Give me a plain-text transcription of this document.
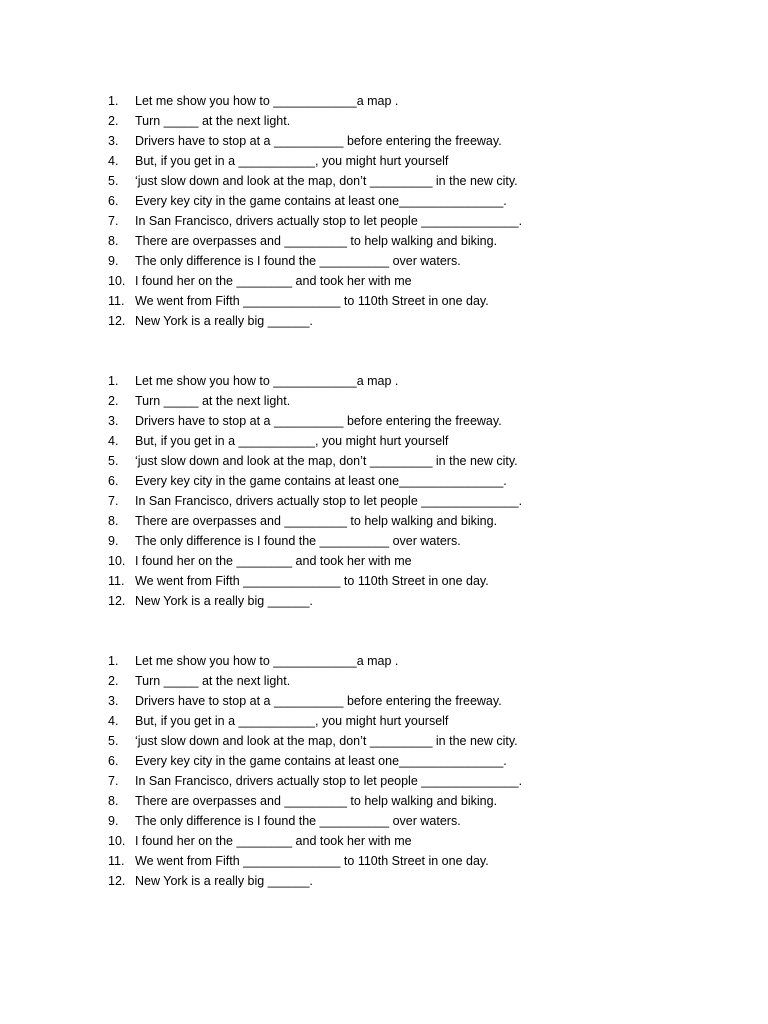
1.	Let me show you how to ____________a map .
2.	Turn _____ at the next light.
3.	Drivers have to stop at a __________ before entering the freeway.
4.	But, if you get in a ___________, you might hurt yourself
5.	‘just slow down and look at the map, don’t _________ in the new city.
6.	Every key city in the game contains at least one_______________.
7.	In San Francisco, drivers actually stop to let people ______________.
8.	There are overpasses and _________ to help walking and biking.
9.	The only difference is I found the __________ over waters.
10. I found her on the ________ and took her with me
11. We went from Fifth ______________ to 110th Street in one day.
12. New York is a really big ______.
1.	Let me show you how to ____________a map .
2.	Turn _____ at the next light.
3.	Drivers have to stop at a __________ before entering the freeway.
4.	But, if you get in a ___________, you might hurt yourself
5.	‘just slow down and look at the map, don’t _________ in the new city.
6.	Every key city in the game contains at least one_______________.
7.	In San Francisco, drivers actually stop to let people ______________.
8.	There are overpasses and _________ to help walking and biking.
9.	The only difference is I found the __________ over waters.
10. I found her on the ________ and took her with me
11. We went from Fifth ______________ to 110th Street in one day.
12. New York is a really big ______.
1.	Let me show you how to ____________a map .
2.	Turn _____ at the next light.
3.	Drivers have to stop at a __________ before entering the freeway.
4.	But, if you get in a ___________, you might hurt yourself
5.	‘just slow down and look at the map, don’t _________ in the new city.
6.	Every key city in the game contains at least one_______________.
7.	In San Francisco, drivers actually stop to let people ______________.
8.	There are overpasses and _________ to help walking and biking.
9.	The only difference is I found the __________ over waters.
10. I found her on the ________ and took her with me
11. We went from Fifth ______________ to 110th Street in one day.
12. New York is a really big ______.
